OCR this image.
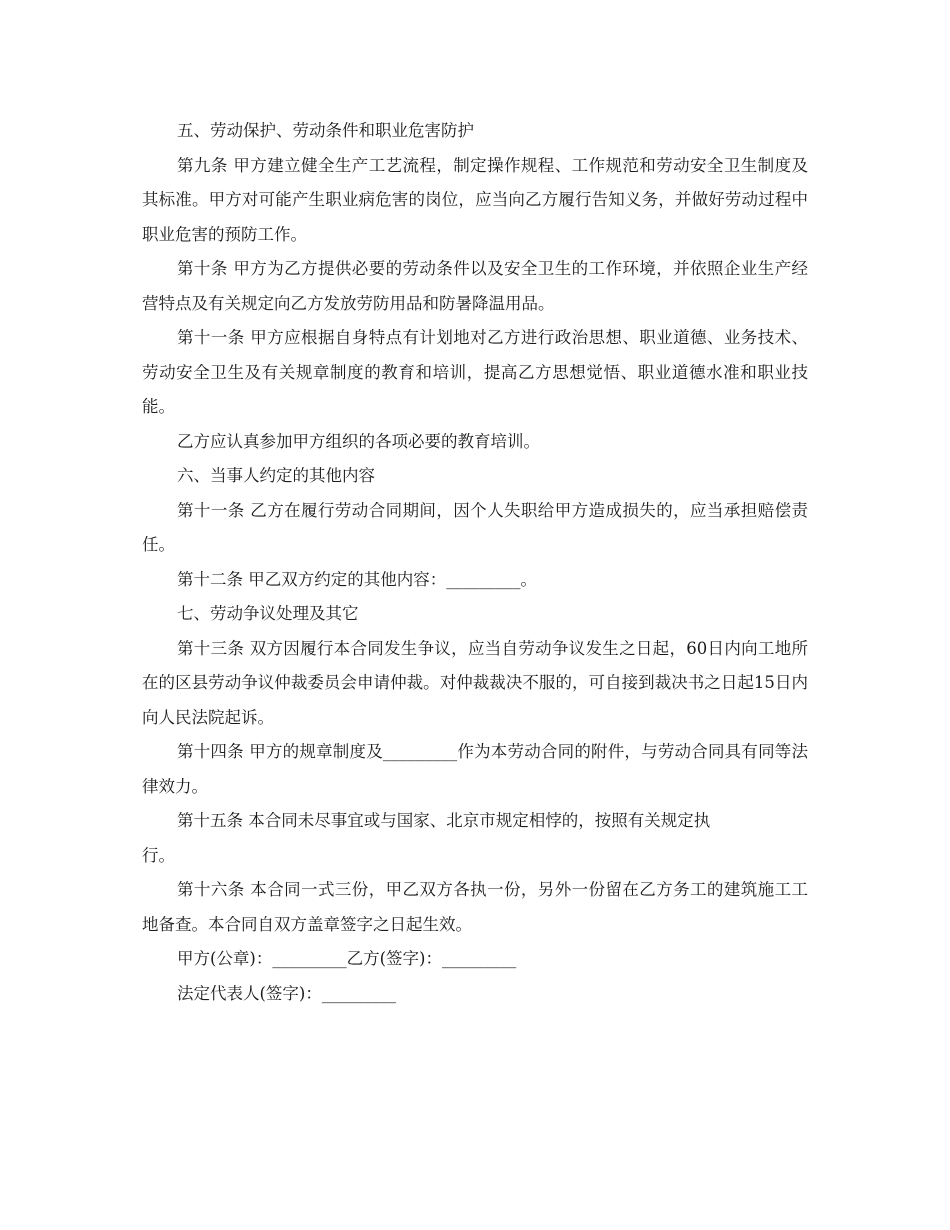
五、劳动保护、劳动条件和职业危害防护

第九条 甲方建立健全生产工艺流程，制定操作规程、工作规范和劳动安全卫生制度及其标准。甲方对可能产生职业病危害的岗位，应当向乙方履行告知义务，并做好劳动过程中职业危害的预防工作。

第十条 甲方为乙方提供必要的劳动条件以及安全卫生的工作环境，并依照企业生产经营特点及有关规定向乙方发放劳防用品和防暑降温用品。

第十一条 甲方应根据自身特点有计划地对乙方进行政治思想、职业道德、业务技术、劳动安全卫生及有关规章制度的教育和培训，提高乙方思想觉悟、职业道德水准和职业技能。

乙方应认真参加甲方组织的各项必要的教育培训。

六、当事人约定的其他内容

第十一条 乙方在履行劳动合同期间，因个人失职给甲方造成损失的，应当承担赔偿责任。

第十二条 甲乙双方约定的其他内容：_________。

七、劳动争议处理及其它

第十三条 双方因履行本合同发生争议，应当自劳动争议发生之日起，60日内向工地所在的区县劳动争议仲裁委员会申请仲裁。对仲裁裁决不服的，可自接到裁决书之日起15日内向人民法院起诉。

第十四条 甲方的规章制度及_________作为本劳动合同的附件，与劳动合同具有同等法律效力。

第十五条 本合同未尽事宜或与国家、北京市规定相悖的，按照有关规定执
行。

第十六条 本合同一式三份，甲乙双方各执一份，另外一份留在乙方务工的建筑施工工地备查。本合同自双方盖章签字之日起生效。

甲方(公章)：_________乙方(签字)：_________

法定代表人(签字)：_________
